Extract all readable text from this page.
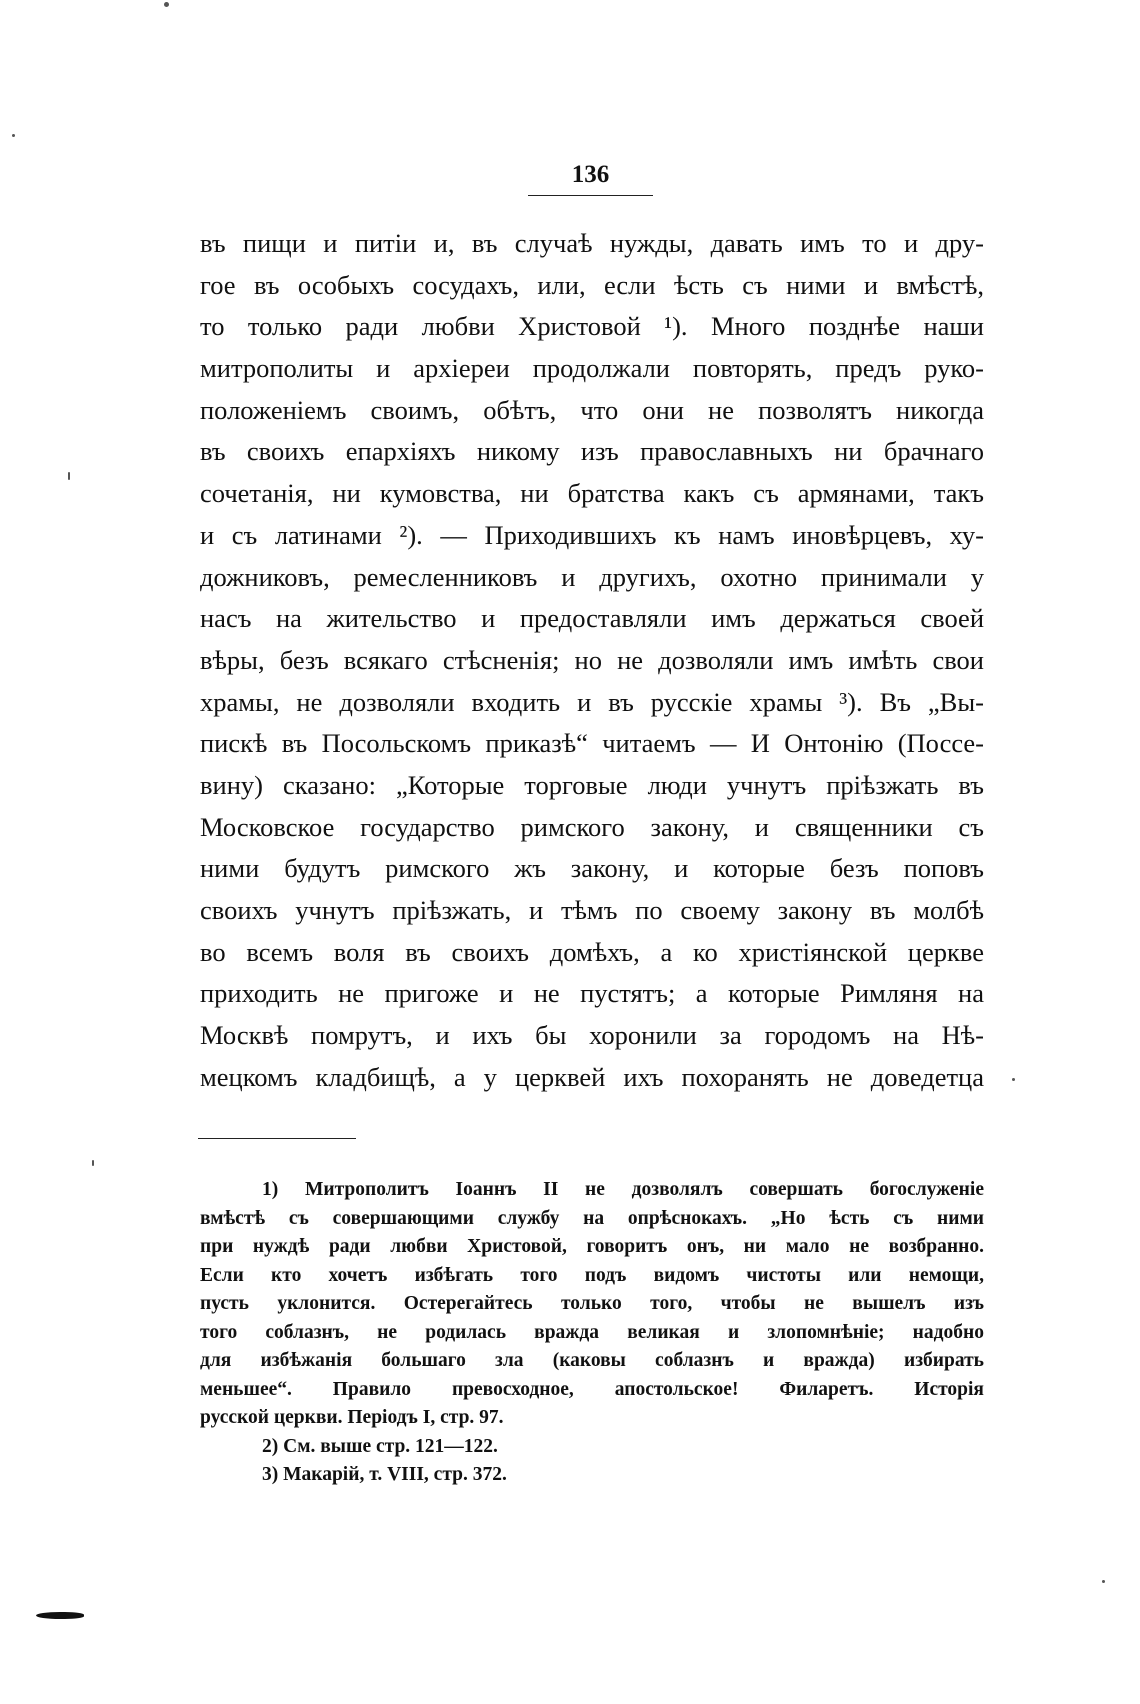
136
въ пищи и питіи и, въ случаѣ нужды, давать имъ то и дру-
гое въ особыхъ сосудахъ, или, если ѣсть съ ними и вмѣстѣ,
то только ради любви Христовой ¹). Много позднѣе наши
митрополиты и архіереи продолжали повторять, предъ руко-
положеніемъ своимъ, обѣтъ, что они не позволятъ никогда
въ своихъ епархіяхъ никому изъ православныхъ ни брачнаго
сочетанія, ни кумовства, ни братства какъ съ армянами, такъ
и съ латинами ²). — Приходившихъ къ намъ иновѣрцевъ, ху-
дожниковъ, ремесленниковъ и другихъ, охотно принимали у
насъ на жительство и предоставляли имъ держаться своей
вѣры, безъ всякаго стѣсненія; но не дозволяли имъ имѣть свои
храмы, не дозволяли входить и въ русскіе храмы ³). Въ „Вы-
пискѣ въ Посольскомъ приказѣ“ читаемъ — И Онтонію (Поссе-
вину) сказано: „Которые торговые люди учнутъ пріѣзжать въ
Московское государство римского закону, и священники съ
ними будутъ римского жъ закону, и которые безъ поповъ
своихъ учнутъ пріѣзжать, и тѣмъ по своему закону въ молбѣ
во всемъ воля въ своихъ домѣхъ, а ко христіянской церкве
приходить не пригоже и не пустятъ; а которые Римляня на
Москвѣ помрутъ, и ихъ бы хоронили за городомъ на Нѣ-
мецкомъ кладбищѣ, а у церквей ихъ похоранять не доведетца
1) Митрополитъ Іоаннъ II не дозволялъ совершать богослуженіе
вмѣстѣ съ совершающими службу на опрѣснокахъ. „Но ѣсть съ ними
при нуждѣ ради любви Христовой, говоритъ онъ, ни мало не возбранно.
Если кто хочетъ избѣгать того подъ видомъ чистоты или немощи,
пусть уклонится. Остерегайтесь только того, чтобы не вышелъ изъ
того соблазнъ, не родилась вражда великая и злопомнѣніе; надобно
для избѣжанія большаго зла (каковы соблазнъ и вражда) избирать
меньшее“. Правило превосходное, апостольское! Филаретъ. Исторія
русской церкви. Періодъ I, стр. 97.
2) См. выше стр. 121—122.
3) Макарій, т. VIII, стр. 372.
